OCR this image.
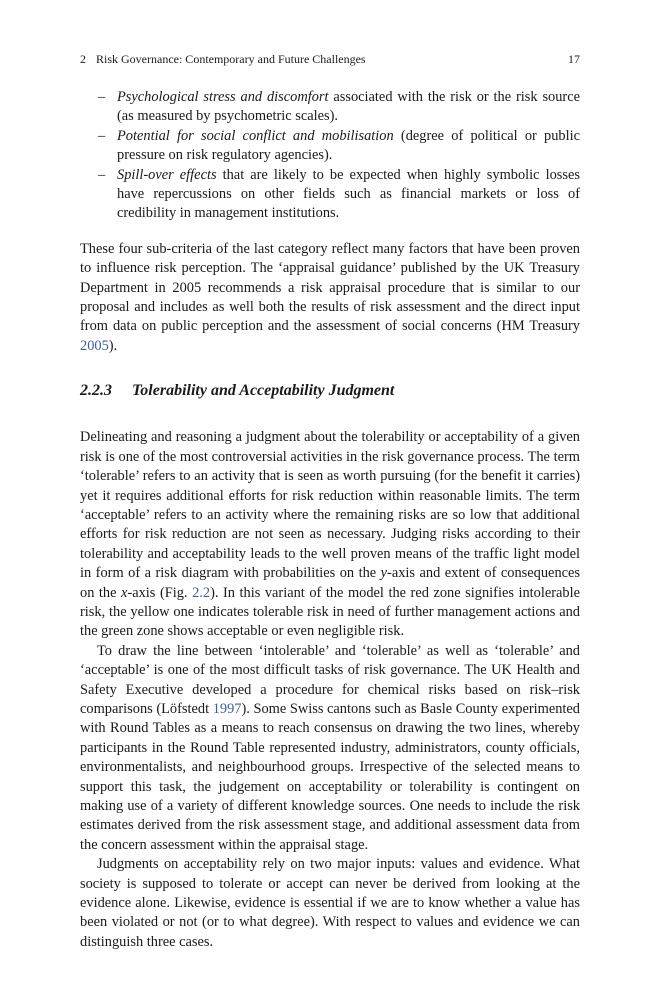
2 Risk Governance: Contemporary and Future Challenges	17
– Psychological stress and discomfort associated with the risk or the risk source (as measured by psychometric scales).
– Potential for social conflict and mobilisation (degree of political or public pressure on risk regulatory agencies).
– Spill-over effects that are likely to be expected when highly symbolic losses have repercussions on other fields such as financial markets or loss of credibility in management institutions.

These four sub-criteria of the last category reflect many factors that have been proven to influence risk perception. The ‘appraisal guidance’ published by the UK Treasury Department in 2005 recommends a risk appraisal procedure that is similar to our proposal and includes as well both the results of risk assessment and the direct input from data on public perception and the assessment of social concerns (HM Treasury 2005).

2.2.3 Tolerability and Acceptability Judgment

Delineating and reasoning a judgment about the tolerability or acceptability of a given risk is one of the most controversial activities in the risk governance process. The term ‘tolerable’ refers to an activity that is seen as worth pursuing (for the benefit it carries) yet it requires additional efforts for risk reduction within reasonable limits. The term ‘acceptable’ refers to an activity where the remaining risks are so low that additional efforts for risk reduction are not seen as necessary. Judging risks according to their tolerability and acceptability leads to the well proven means of the traffic light model in form of a risk diagram with probabilities on the y-axis and extent of consequences on the x-axis (Fig. 2.2). In this variant of the model the red zone signifies intolerable risk, the yellow one indicates tolerable risk in need of further management actions and the green zone shows acceptable or even negligible risk.

To draw the line between ‘intolerable’ and ‘tolerable’ as well as ‘tolerable’ and ‘acceptable’ is one of the most difficult tasks of risk governance. The UK Health and Safety Executive developed a procedure for chemical risks based on risk–risk comparisons (Löfstedt 1997). Some Swiss cantons such as Basle County experimented with Round Tables as a means to reach consensus on drawing the two lines, whereby participants in the Round Table represented industry, administrators, county officials, environmentalists, and neighbourhood groups. Irrespective of the selected means to support this task, the judgement on acceptability or tolerability is contingent on making use of a variety of different knowledge sources. One needs to include the risk estimates derived from the risk assessment stage, and additional assessment data from the concern assessment within the appraisal stage.

Judgments on acceptability rely on two major inputs: values and evidence. What society is supposed to tolerate or accept can never be derived from looking at the evidence alone. Likewise, evidence is essential if we are to know whether a value has been violated or not (or to what degree). With respect to values and evidence we can distinguish three cases.
